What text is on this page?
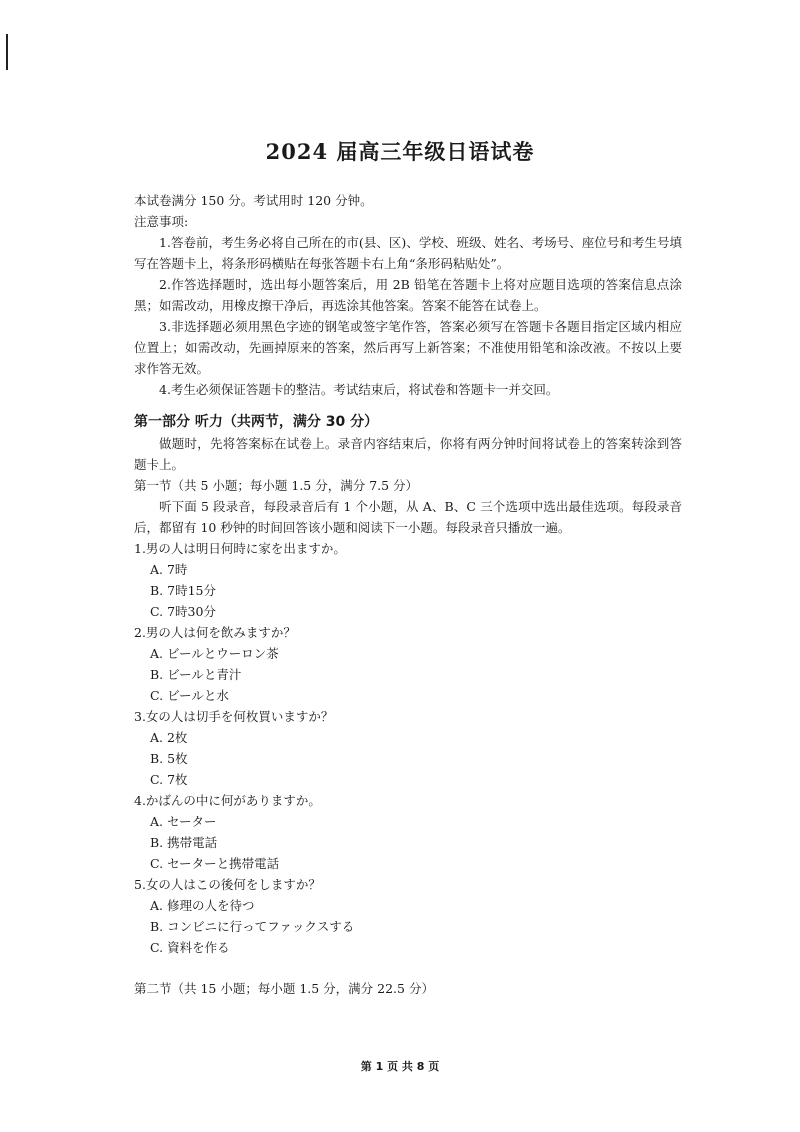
2024 届高三年级日语试卷
本试卷满分 150 分。考试用时 120 分钟。
注意事项:
1.答卷前，考生务必将自己所在的市(县、区)、学校、班级、姓名、考场号、座位号和考生号填写在答题卡上，将条形码横贴在每张答题卡右上角“条形码粘贴处”。
2.作答选择题时，选出每小题答案后，用 2B 铅笔在答题卡上将对应题目选项的答案信息点涂黑；如需改动，用橡皮擦干净后，再选涂其他答案。答案不能答在试卷上。
3.非选择题必须用黑色字迹的钢笔或签字笔作答，答案必须写在答题卡各题目指定区域内相应位置上；如需改动，先画掉原来的答案，然后再写上新答案；不准使用铅笔和涂改液。不按以上要求作答无效。
4.考生必须保证答题卡的整洁。考试结束后，将试卷和答题卡一并交回。
第一部分 听力（共两节，满分 30 分）
做题时，先将答案标在试卷上。录音内容结束后，你将有两分钟时间将试卷上的答案转涂到答题卡上。
第一节（共 5 小题；每小题 1.5 分，满分 7.5 分）
听下面 5 段录音，每段录音后有 1 个小题，从 A、B、C 三个选项中选出最佳选项。每段录音后，都留有 10 秒钟的时间回答该小题和阅读下一小题。每段录音只播放一遍。
1.男の人は明日何時に家を出ますか。
A. 7時
B. 7時15分
C. 7時30分
2.男の人は何を飲みますか？
A. ビールとウーロン茶
B. ビールと青汁
C. ビールと水
3.女の人は切手を何枚買いますか？
A. 2枚
B. 5枚
C. 7枚
4.かばんの中に何がありますか。
A. セーター
B. 携帯電話
C. セーターと携帯電話
5.女の人はこの後何をしますか？
A. 修理の人を待つ
B. コンビニに行ってファックスする
C. 資料を作る
第二节（共 15 小题；每小题 1.5 分，满分 22.5 分）
第 1 页 共 8 页
